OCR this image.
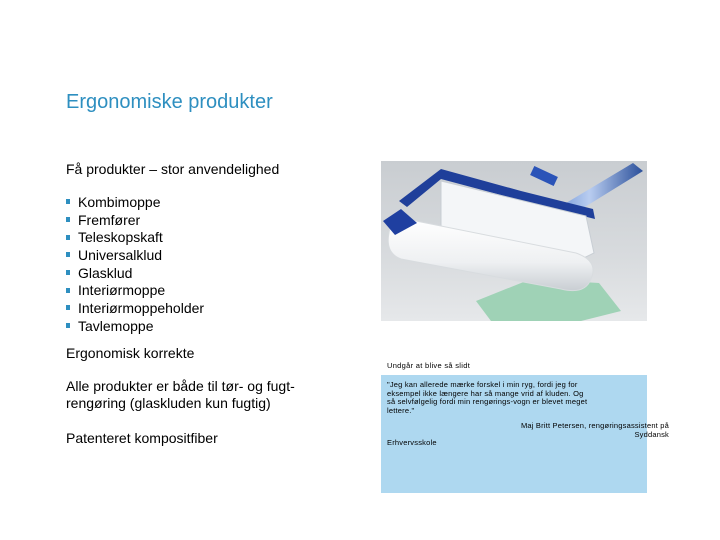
Ergonomiske produkter
Få produkter – stor anvendelighed
Kombimoppe
Fremfører
Teleskopskaft
Universalklud
Glasklud
Interiørmoppe
Interiørmoppeholder
Tavlemoppe
Ergonomisk korrekte
Alle produkter er både til tør- og fugt-rengøring (glaskluden kun fugtig)
Patenteret kompositfiber
Undgår at blive så slidt
"Jeg kan allerede mærke forskel i min ryg, fordi jeg for eksempel ikke længere har så mange vrid af kluden. Og så selvfølgelig fordi min rengørings-vogn er blevet meget lettere."
Maj Britt Petersen, rengøringsassistent på Syddansk
Erhvervsskole
